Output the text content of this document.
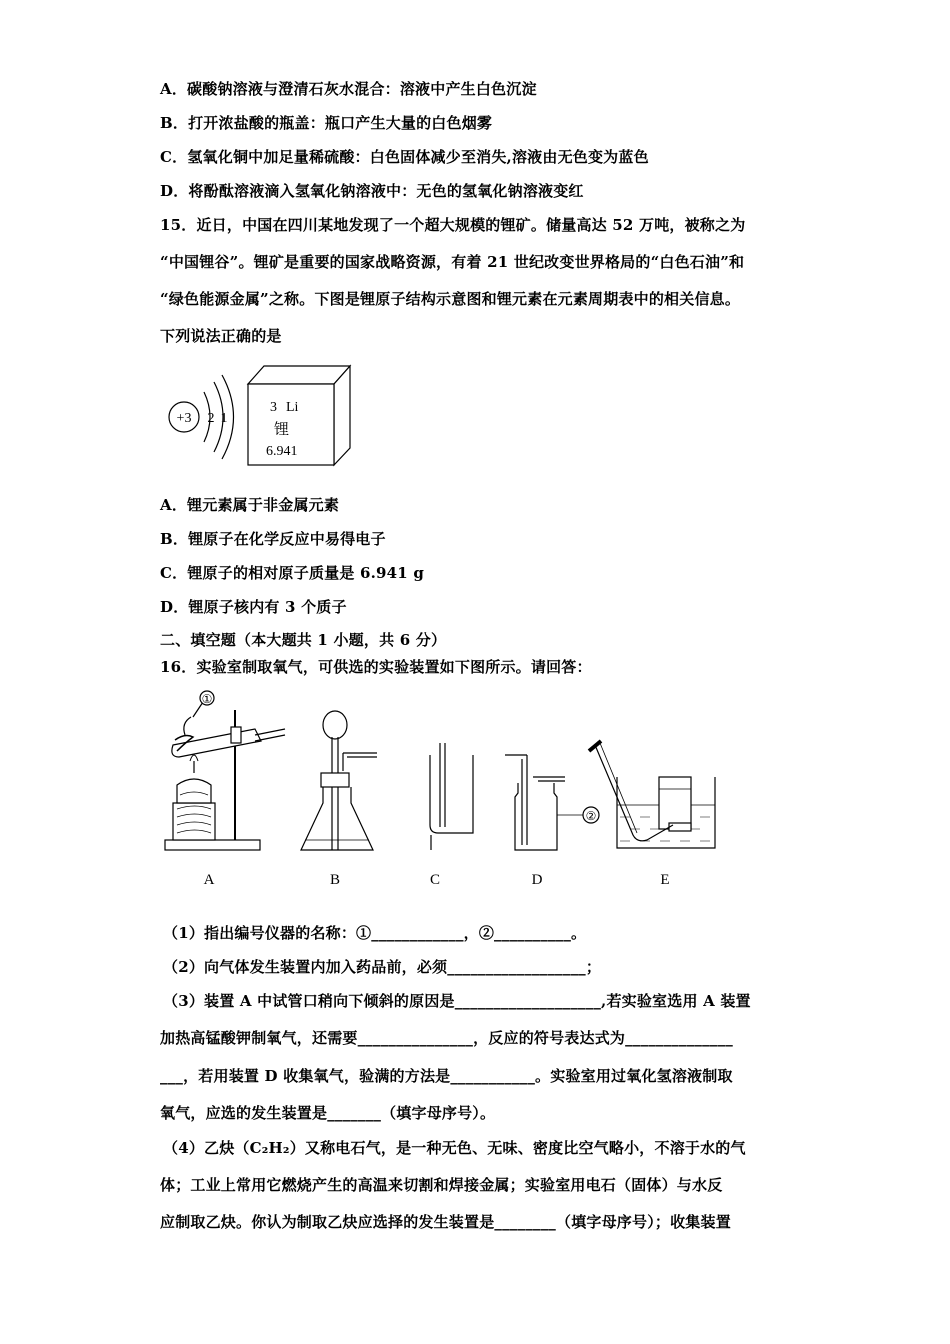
A．碳酸钠溶液与澄清石灰水混合：溶液中产生白色沉淀
B．打开浓盐酸的瓶盖：瓶口产生大量的白色烟雾
C．氢氧化铜中加足量稀硫酸：白色固体减少至消失,溶液由无色变为蓝色
D．将酚酞溶液滴入氢氧化钠溶液中：无色的氢氧化钠溶液变红
15．近日，中国在四川某地发现了一个超大规模的锂矿。储量高达 52 万吨，被称之为
“中国锂谷”。锂矿是重要的国家战略资源，有着 21 世纪改变世界格局的“白色石油”和
“绿色能源金属”之称。下图是锂原子结构示意图和锂元素在元素周期表中的相关信息。
下列说法正确的是
+3 2 1
3 Li
锂
6.941
A．锂元素属于非金属元素
B．锂原子在化学反应中易得电子
C．锂原子的相对原子质量是 6.941 g
D．锂原子核内有 3 个质子
二、填空题（本大题共 1 小题，共 6 分）
16．实验室制取氧气，可供选的实验装置如下图所示。请回答：
①
②
A	B	C	D	E
（1）指出编号仪器的名称：①____________，②__________。
（2）向气体发生装置内加入药品前，必须__________________；
（3）装置 A 中试管口稍向下倾斜的原因是___________________,若实验室选用 A 装置
加热高锰酸钾制氧气，还需要_______________，反应的符号表达式为______________
___，若用装置 D 收集氧气，验满的方法是___________。实验室用过氧化氢溶液制取
氧气，应选的发生装置是_______（填字母序号）。
（4）乙炔（C₂H₂）又称电石气，是一种无色、无味、密度比空气略小，不溶于水的气
体；工业上常用它燃烧产生的高温来切割和焊接金属；实验室用电石（固体）与水反
应制取乙炔。你认为制取乙炔应选择的发生装置是________（填字母序号）；收集装置
